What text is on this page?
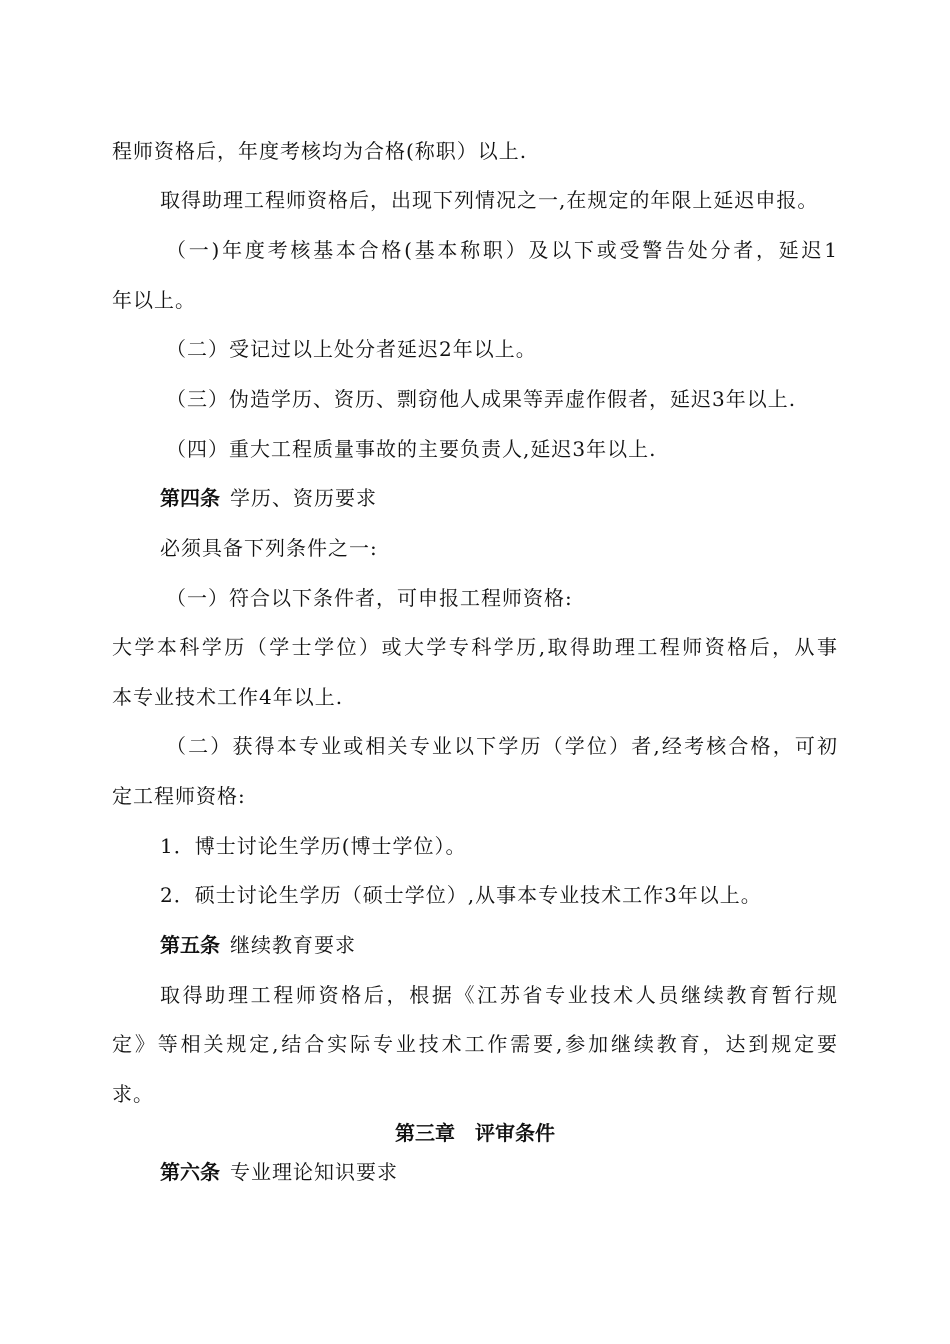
程师资格后，年度考核均为合格(称职）以上.
取得助理工程师资格后，出现下列情况之一,在规定的年限上延迟申报。
（一)年度考核基本合格(基本称职）及以下或受警告处分者，延迟1
年以上。
（二）受记过以上处分者延迟2年以上。
（三）伪造学历、资历、剽窃他人成果等弄虚作假者，延迟3年以上.
（四）重大工程质量事故的主要负责人,延迟3年以上.
第四条 学历、资历要求
必须具备下列条件之一:
（一）符合以下条件者，可申报工程师资格:
大学本科学历（学士学位）或大学专科学历,取得助理工程师资格后，从事
本专业技术工作4年以上.
（二）获得本专业或相关专业以下学历（学位）者,经考核合格，可初
定工程师资格:
1．博士讨论生学历(博士学位）。
2．硕士讨论生学历（硕士学位）,从事本专业技术工作3年以上。
第五条 继续教育要求
取得助理工程师资格后，根据《江苏省专业技术人员继续教育暂行规
定》等相关规定,结合实际专业技术工作需要,参加继续教育，达到规定要
求。
第三章　评审条件
第六条 专业理论知识要求
